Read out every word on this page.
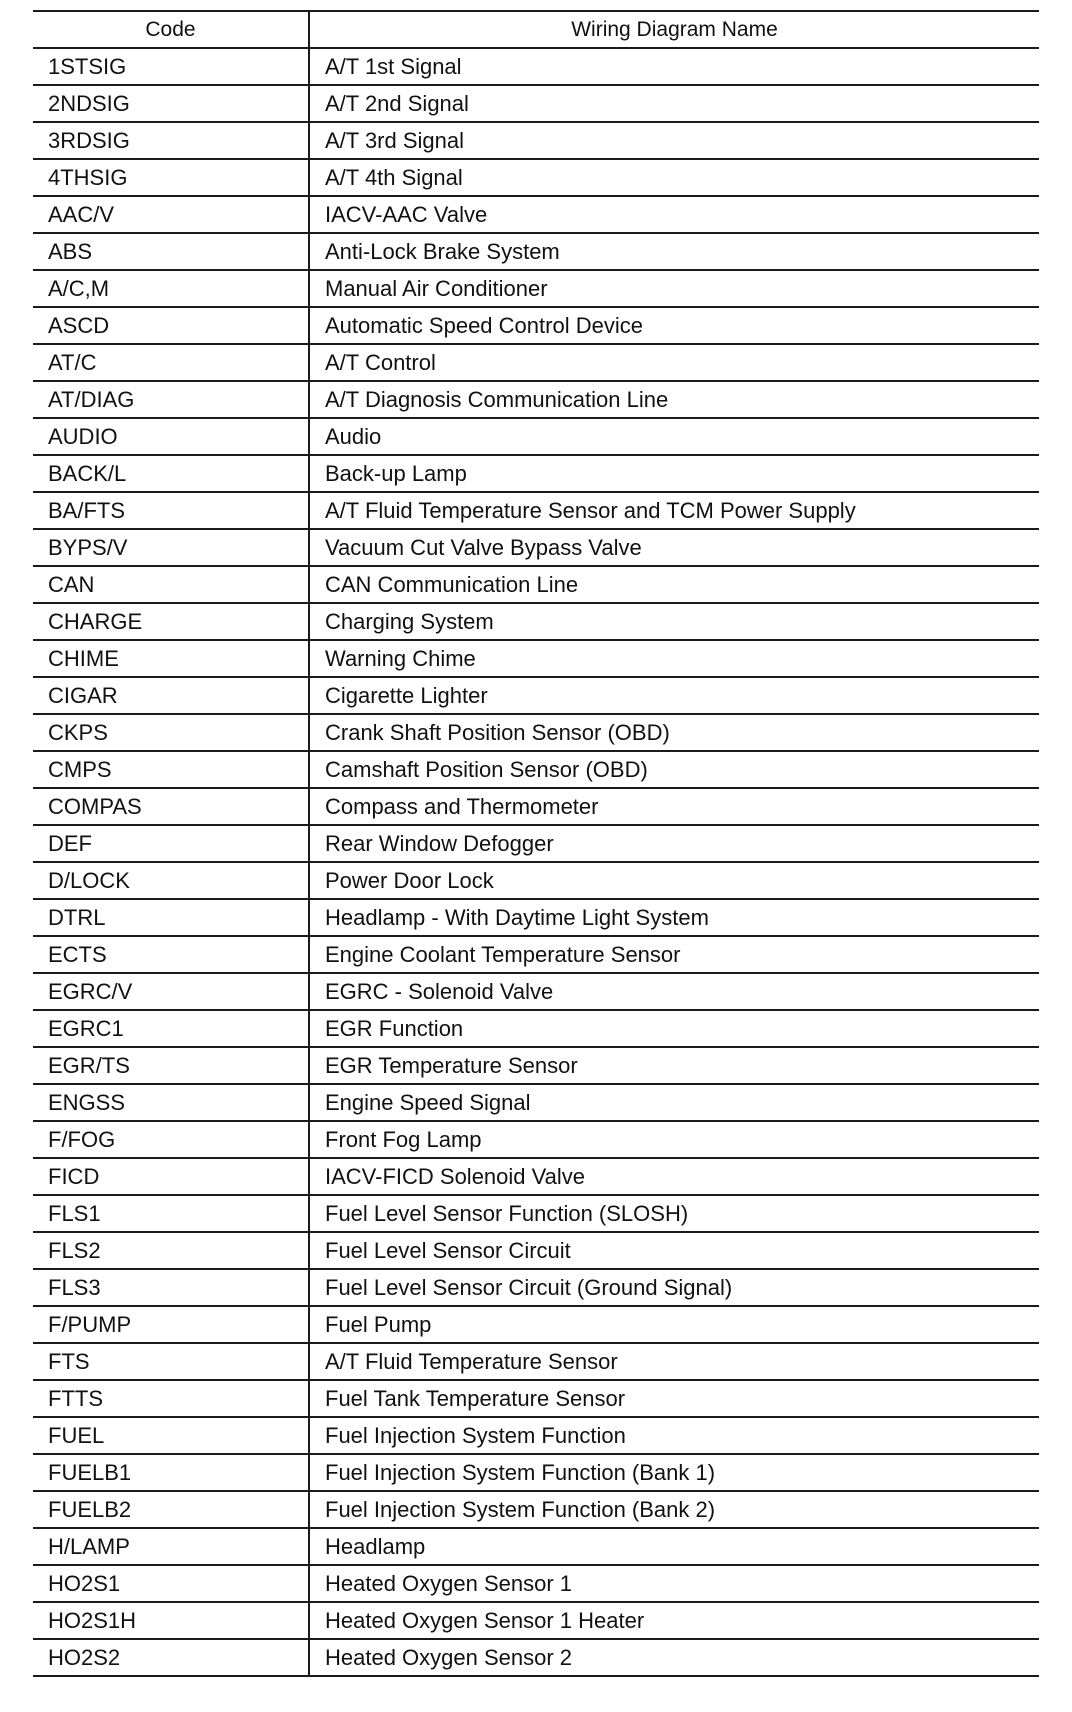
Code	Wiring Diagram Name
1STSIG	A/T 1st Signal
2NDSIG	A/T 2nd Signal
3RDSIG	A/T 3rd Signal
4THSIG	A/T 4th Signal
AAC/V	IACV-AAC Valve
ABS	Anti-Lock Brake System
A/C,M	Manual Air Conditioner
ASCD	Automatic Speed Control Device
AT/C	A/T Control
AT/DIAG	A/T Diagnosis Communication Line
AUDIO	Audio
BACK/L	Back-up Lamp
BA/FTS	A/T Fluid Temperature Sensor and TCM Power Supply
BYPS/V	Vacuum Cut Valve Bypass Valve
CAN	CAN Communication Line
CHARGE	Charging System
CHIME	Warning Chime
CIGAR	Cigarette Lighter
CKPS	Crank Shaft Position Sensor (OBD)
CMPS	Camshaft Position Sensor (OBD)
COMPAS	Compass and Thermometer
DEF	Rear Window Defogger
D/LOCK	Power Door Lock
DTRL	Headlamp - With Daytime Light System
ECTS	Engine Coolant Temperature Sensor
EGRC/V	EGRC - Solenoid Valve
EGRC1	EGR Function
EGR/TS	EGR Temperature Sensor
ENGSS	Engine Speed Signal
F/FOG	Front Fog Lamp
FICD	IACV-FICD Solenoid Valve
FLS1	Fuel Level Sensor Function (SLOSH)
FLS2	Fuel Level Sensor Circuit
FLS3	Fuel Level Sensor Circuit (Ground Signal)
F/PUMP	Fuel Pump
FTS	A/T Fluid Temperature Sensor
FTTS	Fuel Tank Temperature Sensor
FUEL	Fuel Injection System Function
FUELB1	Fuel Injection System Function (Bank 1)
FUELB2	Fuel Injection System Function (Bank 2)
H/LAMP	Headlamp
HO2S1	Heated Oxygen Sensor 1
HO2S1H	Heated Oxygen Sensor 1 Heater
HO2S2	Heated Oxygen Sensor 2
